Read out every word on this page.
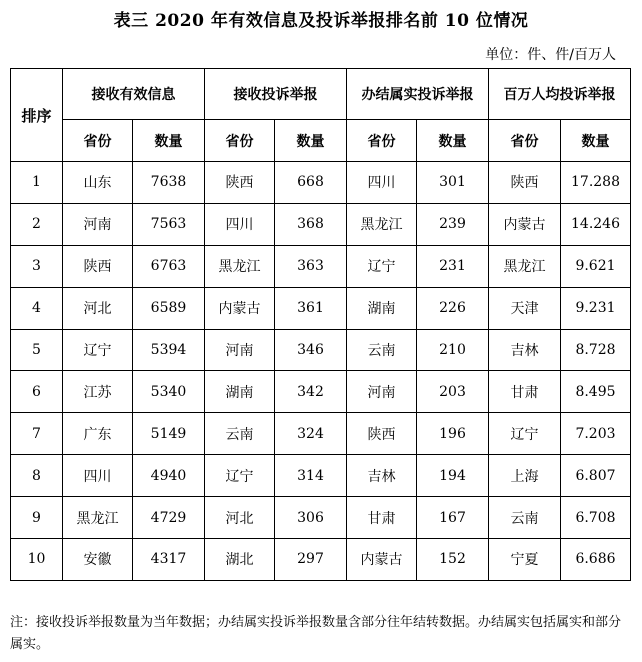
表三 2020 年有效信息及投诉举报排名前 10 位情况
单位：件、件/百万人
排序	接收有效信息		接收投诉举报		办结属实投诉举报		百万人均投诉举报	
	省份	数量	省份	数量	省份	数量	省份	数量
1	山东	7638	陕西	668	四川	301	陕西	17.288
2	河南	7563	四川	368	黑龙江	239	内蒙古	14.246
3	陕西	6763	黑龙江	363	辽宁	231	黑龙江	9.621
4	河北	6589	内蒙古	361	湖南	226	天津	9.231
5	辽宁	5394	河南	346	云南	210	吉林	8.728
6	江苏	5340	湖南	342	河南	203	甘肃	8.495
7	广东	5149	云南	324	陕西	196	辽宁	7.203
8	四川	4940	辽宁	314	吉林	194	上海	6.807
9	黑龙江	4729	河北	306	甘肃	167	云南	6.708
10	安徽	4317	湖北	297	内蒙古	152	宁夏	6.686
注：接收投诉举报数量为当年数据；办结属实投诉举报数量含部分往年结转数据。办结属实包括属实和部分属实。
